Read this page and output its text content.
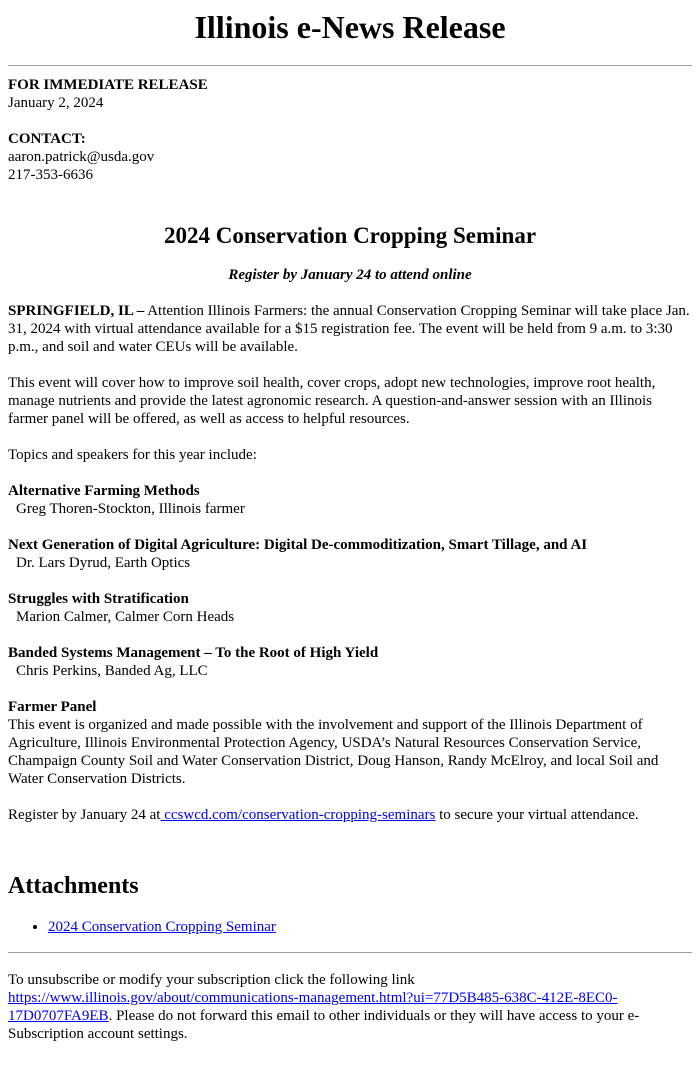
Illinois e-News Release
FOR IMMEDIATE RELEASE
January 2, 2024
CONTACT:
aaron.patrick@usda.gov
217-353-6636
2024 Conservation Cropping Seminar
Register by January 24 to attend online

SPRINGFIELD, IL – Attention Illinois Farmers: the annual Conservation Cropping Seminar will take place Jan. 31, 2024 with virtual attendance available for a $15 registration fee. The event will be held from 9 a.m. to 3:30 p.m., and soil and water CEUs will be available.

This event will cover how to improve soil health, cover crops, adopt new technologies, improve root health, manage nutrients and provide the latest agronomic research. A question-and-answer session with an Illinois farmer panel will be offered, as well as access to helpful resources.

Topics and speakers for this year include:

Alternative Farming Methods
Greg Thoren-Stockton, Illinois farmer
Next Generation of Digital Agriculture: Digital De-commoditization, Smart Tillage, and AI
Dr. Lars Dyrud, Earth Optics
Struggles with Stratification
Marion Calmer, Calmer Corn Heads
Banded Systems Management – To the Root of High Yield
Chris Perkins, Banded Ag, LLC
Farmer Panel
This event is organized and made possible with the involvement and support of the Illinois Department of Agriculture, Illinois Environmental Protection Agency, USDA’s Natural Resources Conservation Service, Champaign County Soil and Water Conservation District, Doug Hanson, Randy McElroy, and local Soil and Water Conservation Districts.

Register by January 24 at ccswcd.com/conservation-cropping-seminars to secure your virtual attendance.

Attachments
• 2024 Conservation Cropping Seminar
To unsubscribe or modify your subscription click the following link https://www.illinois.gov/about/communications-management.html?ui=77D5B485-638C-412E-8EC0-17D0707FA9EB. Please do not forward this email to other individuals or they will have access to your e-Subscription account settings.
